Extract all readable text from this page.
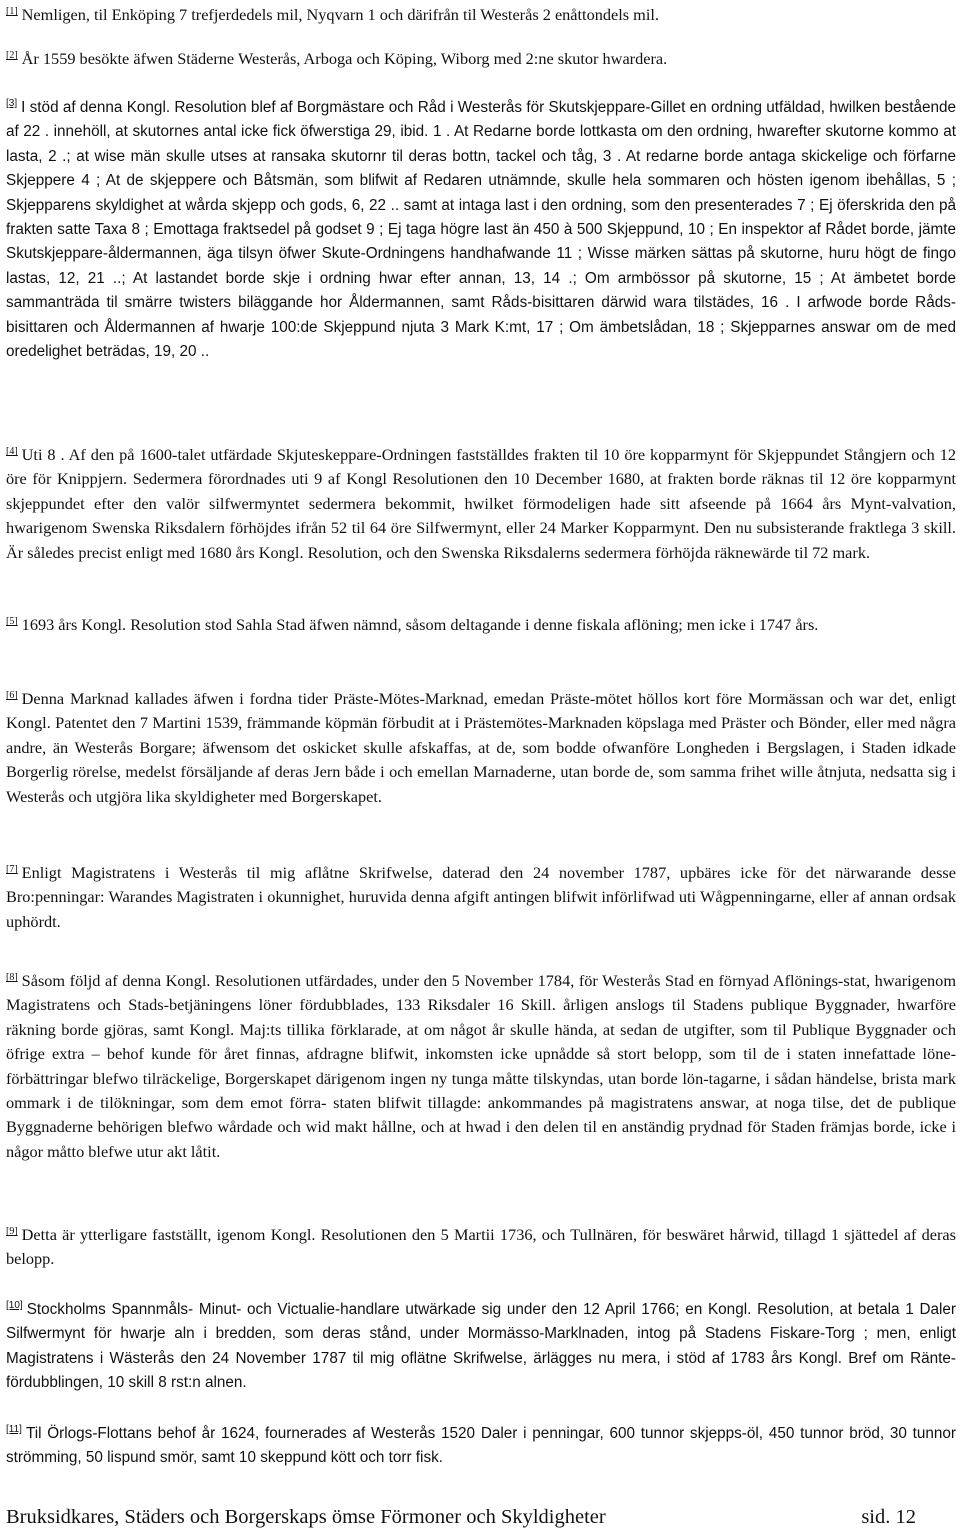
[1] Nemligen, til Enköping 7 trefjerdedels mil, Nyqvarn 1 och därifrån til Westerås 2 enåttondels mil.

[2] År 1559 besökte äfwen Städerne Westerås, Arboga och Köping, Wiborg med 2:ne skutor hwardera.

[3] I stöd af denna Kongl. Resolution blef af Borgmästare och Råd i Westerås för Skutskjeppare-Gillet en ordning utfäldad, hwilken bestående af 22 . innehöll, at skutornes antal icke fick öfwerstiga 29, ibid. 1 . At Redarne borde lottkasta om den ordning, hwarefter skutorne kommo at lasta, 2 .; at wise män skulle utses at ransaka skutornr til deras bottn, tackel och tåg, 3 . At redarne borde antaga skickelige och förfarne Skjeppere 4 ; At de skjeppere och Båtsmän, som blifwit af Redaren utnämnde, skulle hela sommaren och hösten igenom ibehållas, 5 ; Skjepparens skyldighet at wårda skjepp och gods, 6, 22 .. samt at intaga last i den ordning, som den presenterades 7 ; Ej öferskrida den på frakten satte Taxa 8 ; Emottaga fraktsedel på godset 9 ; Ej taga högre last än 450 à 500 Skjeppund, 10 ; En inspektor af Rådet borde, jämte Skutskjeppare-åldermannen, äga tilsyn öfwer Skute-Ordningens handhafwande 11 ; Wisse märken sättas på skutorne, huru högt de fingo lastas, 12, 21 ..; At lastandet borde skje i ordning hwar efter annan, 13, 14 .; Om armbössor på skutorne, 15 ; At ämbetet borde sammanträda til smärre twisters biläggande hor Åldermannen, samt Råds-bisittaren därwid wara tilstädes, 16 . I arfwode borde Råds-bisittaren och Åldermannen af hwarje 100:de Skjeppund njuta 3 Mark K:mt, 17 ; Om ämbetslådan, 18 ; Skjepparnes answar om de med oredelighet beträdas, 19, 20 ..

[4] Uti 8 . Af den på 1600-talet utfärdade Skjuteskeppare-Ordningen fastställdes frakten til 10 öre kopparmynt för Skjeppundet Stångjern och 12 öre för Knippjern. Sedermera förordnades uti 9 af Kongl Resolutionen den 10 December 1680, at frakten borde räknas til 12 öre kopparmynt skjeppundet efter den valör silfwermyntet sedermera bekommit, hwilket förmodeligen hade sitt afseende på 1664 års Mynt-valvation, hwarigenom Swenska Riksdalern förhöjdes ifrån 52 til 64 öre Silfwermynt, eller 24 Marker Kopparmynt. Den nu subsisterande fraktlega 3 skill. Är således precist enligt med 1680 års Kongl. Resolution, och den Swenska Riksdalerns sedermera förhöjda räknewärde til 72 mark.

[5] 1693 års Kongl. Resolution stod Sahla Stad äfwen nämnd, såsom deltagande i denne fiskala aflöning; men icke i 1747 års.

[6] Denna Marknad kallades äfwen i fordna tider Präste-Mötes-Marknad, emedan Präste-mötet höllos kort före Mormässan och war det, enligt Kongl. Patentet den 7 Martini 1539, främmande köpmän förbudit at i Prästemötes-Marknaden köpslaga med Präster och Bönder, eller med några andre, än Westerås Borgare; äfwensom det oskicket skulle afskaffas, at de, som bodde ofwanföre Longheden i Bergslagen, i Staden idkade Borgerlig rörelse, medelst försäljande af deras Jern både i och emellan Marnaderne, utan borde de, som samma frihet wille åtnjuta, nedsatta sig i Westerås och utgjöra lika skyldigheter med Borgerskapet.

[7] Enligt Magistratens i Westerås til mig aflåtne Skrifwelse, daterad den 24 november 1787, upbäres icke för det närwarande desse Bro:penningar: Warandes Magistraten i okunnighet, huruvida denna afgift antingen blifwit införlifwad uti Wågpenningarne, eller af annan ordsak uphördt.

[8] Såsom följd af denna Kongl. Resolutionen utfärdades, under den 5 November 1784, för Westerås Stad en förnyad Aflönings-stat, hwarigenom Magistratens och Stads-betjäningens löner fördubblades, 133 Riksdaler 16 Skill. årligen anslogs til Stadens publique Byggnader, hwarföre räkning borde gjöras, samt Kongl. Maj:ts tillika förklarade, at om något år skulle hända, at sedan de utgifter, som til Publique Byggnader och öfrige extra – behof kunde för året finnas, afdragne blifwit, inkomsten icke upnådde så stort belopp, som til de i staten innefattade löne-förbättringar blefwo tilräckelige, Borgerskapet därigenom ingen ny tunga måtte tilskyndas, utan borde lön-tagarne, i sådan händelse, brista mark ommark i de tilökningar, som dem emot förra- staten blifwit tillagde: ankommandes på magistratens answar, at noga tilse, det de publique Byggnaderne behörigen blefwo wårdade och wid makt hållne, och at hwad i den delen til en anständig prydnad för Staden främjas borde, icke i någor måtto blefwe utur akt låtit.

[9] Detta är ytterligare fastställt, igenom Kongl. Resolutionen den 5 Martii 1736, och Tullnären, för beswäret hårwid, tillagd 1 sjättedel af deras belopp.

[10] Stockholms Spannmåls- Minut- och Victualie-handlare utwärkade sig under den 12 April 1766; en Kongl. Resolution, at betala 1 Daler Silfwermynt för hwarje aln i bredden, som deras stånd, under Mormässo-Marklnaden, intog på Stadens Fiskare-Torg ; men, enligt Magistratens i Wästerås den 24 November 1787 til mig oflätne Skrifwelse, ärlägges nu mera, i stöd af 1783 års Kongl. Bref om Ränte-fördubblingen, 10 skill 8 rst:n alnen.

[11] Til Örlogs-Flottans behof år 1624, fournerades af Westerås 1520 Daler i penningar, 600 tunnor skjepps-öl, 450 tunnor bröd, 30 tunnor strömming, 50 lispund smör, samt 10 skeppund kött och torr fisk.

Bruksidkares, Städers och Borgerskaps ömse Förmoner och Skyldigheter	sid. 12
